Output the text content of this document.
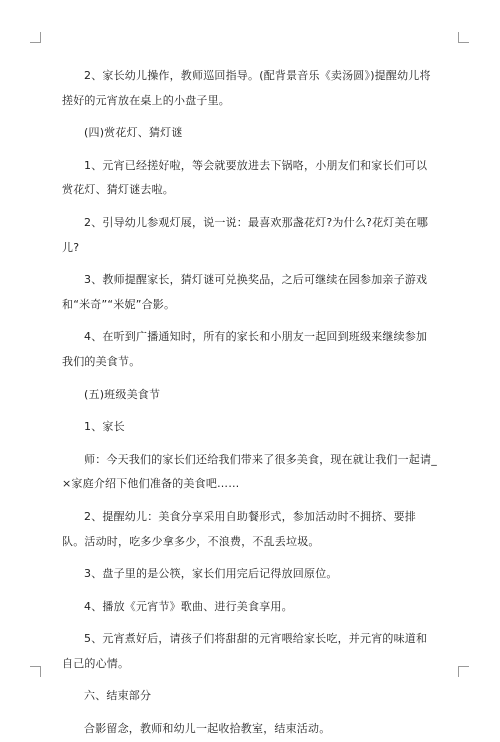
2、家长幼儿操作，教师巡回指导。(配背景音乐《卖汤圆》)提醒幼儿将搓好的元宵放在桌上的小盘子里。

(四)赏花灯、猜灯谜

1、元宵已经搓好啦，等会就要放进去下锅咯，小朋友们和家长们可以赏花灯、猜灯谜去啦。

2、引导幼儿参观灯展，说一说：最喜欢那盏花灯?为什么?花灯美在哪儿?

3、教师提醒家长，猜灯谜可兑换奖品，之后可继续在园参加亲子游戏和“米奇”“米妮”合影。

4、在听到广播通知时，所有的家长和小朋友一起回到班级来继续参加我们的美食节。

(五)班级美食节

1、家长

师：今天我们的家长们还给我们带来了很多美食，现在就让我们一起请_×家庭介绍下他们准备的美食吧……

2、提醒幼儿：美食分享采用自助餐形式，参加活动时不拥挤、要排队。活动时，吃多少拿多少，不浪费，不乱丢垃圾。

3、盘子里的是公筷，家长们用完后记得放回原位。

4、播放《元宵节》歌曲、进行美食享用。

5、元宵煮好后，请孩子们将甜甜的元宵喂给家长吃，并元宵的味道和自己的心情。

六、结束部分

合影留念，教师和幼儿一起收拾教室，结束活动。
